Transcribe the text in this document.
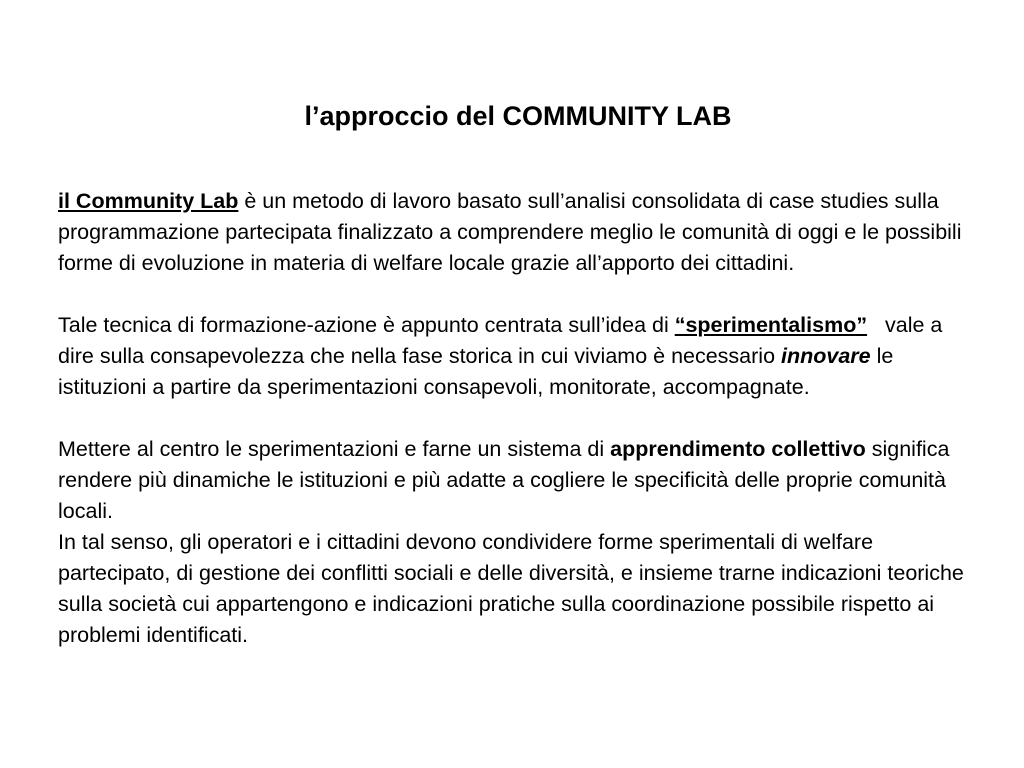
l’approccio del COMMUNITY LAB

il Community Lab è un metodo di lavoro basato sull’analisi consolidata di case studies sulla programmazione partecipata finalizzato a comprendere meglio le comunità di oggi e le possibili forme di evoluzione in materia di welfare locale grazie all’apporto dei cittadini.

Tale tecnica di formazione-azione è appunto centrata sull’idea di “sperimentalismo”   vale a dire sulla consapevolezza che nella fase storica in cui viviamo è necessario innovare le istituzioni a partire da sperimentazioni consapevoli, monitorate, accompagnate.

Mettere al centro le sperimentazioni e farne un sistema di apprendimento collettivo significa rendere più dinamiche le istituzioni e più adatte a cogliere le specificità delle proprie comunità locali.

In tal senso, gli operatori e i cittadini devono condividere forme sperimentali di welfare partecipato, di gestione dei conflitti sociali e delle diversità, e insieme trarne indicazioni teoriche sulla società cui appartengono e indicazioni pratiche sulla coordinazione possibile rispetto ai problemi identificati.
